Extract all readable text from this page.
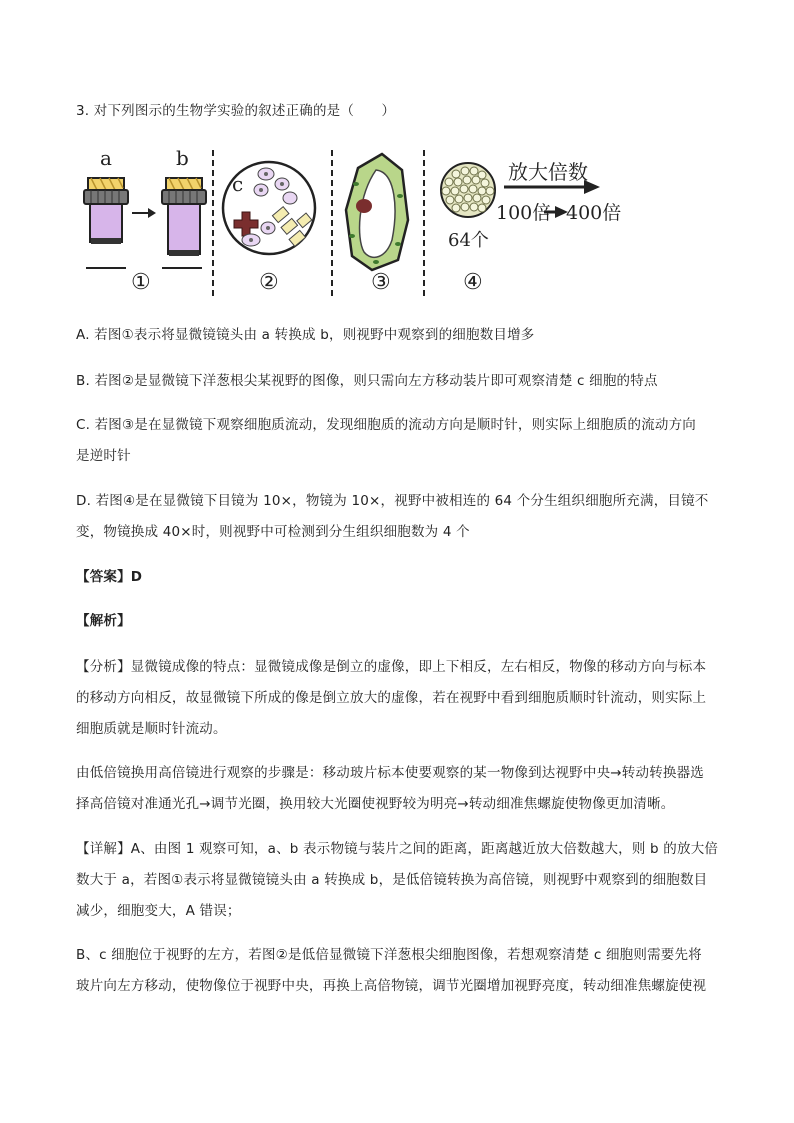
3. 对下列图示的生物学实验的叙述正确的是（　　）
a	b
c	放大倍数
100倍 400倍
64个
①	②	③	④
A. 若图①表示将显微镜镜头由 a 转换成 b，则视野中观察到的细胞数目增多
B. 若图②是显微镜下洋葱根尖某视野的图像，则只需向左方移动装片即可观察清楚 c 细胞的特点
C. 若图③是在显微镜下观察细胞质流动，发现细胞质的流动方向是顺时针，则实际上细胞质的流动方向
是逆时针
D. 若图④是在显微镜下目镜为 10×，物镜为 10×，视野中被相连的 64 个分生组织细胞所充满，目镜不
变，物镜换成 40×时，则视野中可检测到分生组织细胞数为 4 个
【答案】D
【解析】
【分析】显微镜成像的特点：显微镜成像是倒立的虚像，即上下相反，左右相反，物像的移动方向与标本
的移动方向相反，故显微镜下所成的像是倒立放大的虚像，若在视野中看到细胞质顺时针流动，则实际上
细胞质就是顺时针流动。
由低倍镜换用高倍镜进行观察的步骤是：移动玻片标本使要观察的某一物像到达视野中央→转动转换器选
择高倍镜对准通光孔→调节光圈，换用较大光圈使视野较为明亮→转动细准焦螺旋使物像更加清晰。
【详解】A、由图 1 观察可知，a、b 表示物镜与装片之间的距离，距离越近放大倍数越大，则 b 的放大倍
数大于 a，若图①表示将显微镜镜头由 a 转换成 b，是低倍镜转换为高倍镜，则视野中观察到的细胞数目
减少，细胞变大，A 错误；
B、c 细胞位于视野的左方，若图②是低倍显微镜下洋葱根尖细胞图像，若想观察清楚 c 细胞则需要先将
玻片向左方移动，使物像位于视野中央，再换上高倍物镜，调节光圈增加视野亮度，转动细准焦螺旋使视
